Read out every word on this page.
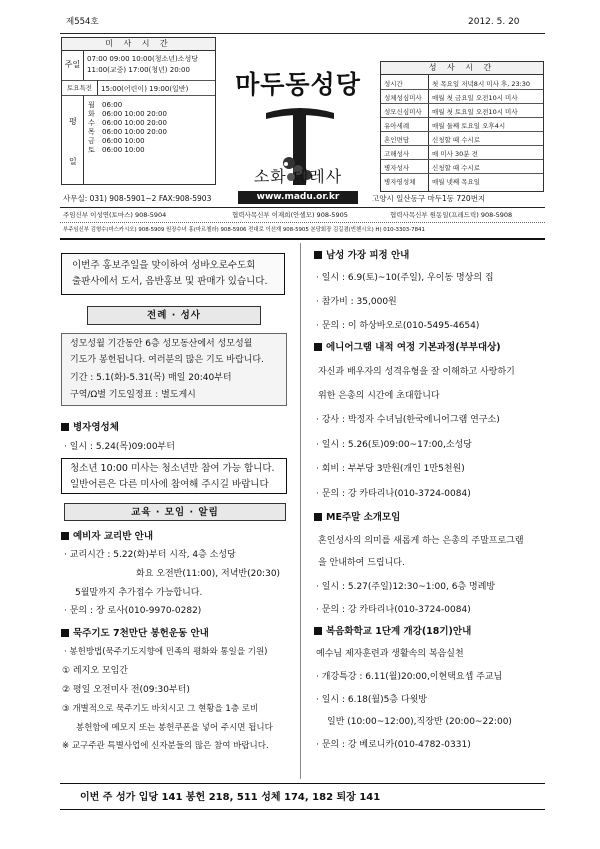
제554호	2012. 5. 20
미 사 시 간
주일
07:00 09:00 10:00(청소년)소성당
11:00(교중) 17:00(청년) 20:00
토요특전	15:00(어린이) 19:00(일반)
평
일
월 06:00
화 06:00 10:00 20:00
수 06:00 10:00 20:00
목 06:00 10:00 20:00
금 06:00 10:00
토 06:00 10:00
마두동성당
소화 데레사
www.madu.or.kr
성 사 시 간
성시간	첫 목요일 저녁8시 미사 후, 23:30
성체성심미사 매월 첫 금요일 오전10시 미사
성모신심미사 매월 첫 토요일 오전10시 미사
유아세례	매월 둘째 토요일 오후4시
혼인면담	신청할 때 수시로
고해성사	매 미사 30분 전
병자성사	신청할 때 수시로
병자영성체	매월 넷째 목요일
사무실: 031) 908-5901~2 FAX:908-5903	고양시 일산동구 마두1동 720번지
주임신부 이성연(토마스) 908-5904	협력사목신부 이재희(안셀모) 908-5905	협력사목신부 원동일(프레드릭) 908-5908
부주임신부 김형수(마스카시오) 908-5909 원장수녀 홍(마르첼라) 908-5906 전대로 이선재 908-5905 본당회장 김길겸(빈첸시오) H) 010-3303-7841
이번주 홍보주일을 맞이하여 성바오로수도회
출판사에서 도서, 음반홍보 및 판매가 있습니다.
전례 · 성사
성모성월 기간동안 6층 성모동산에서 성모성월
기도가 봉헌됩니다. 여러분의 많은 기도 바랍니다.
기간 : 5.1(화)-5.31(목) 매일 20:40부터
구역/Ω별 기도일정표 : 별도게시
병자영성체
· 일시 : 5.24(목)09:00부터
청소년 10:00 미사는 청소년만 참여 가능 합니다.
일반어른은 다른 미사에 참여해 주시길 바랍니다
교육 · 모임 · 알림
예비자 교리반 안내
· 교리시간 : 5.22(화)부터 시작, 4층 소성당
화요 오전반(11:00), 저녁반(20:30)
5월말까지 추가접수 가능합니다.
· 문의 : 장 로사(010-9970-0282)
묵주기도 7천만단 봉헌운동 안내
· 봉헌방법(묵주기도지향에 민족의 평화와 통일을 기원)
① 레지오 모임간
② 평일 오전미사 전(09:30부터)
③ 개별적으로 묵주기도 바치시고 그 현황을 1층 로비
봉헌함에 메모지 또는 봉헌쿠폰을 넣어 주시면 됩니다
※ 교구주관 특별사업에 신자분들의 많은 참여 바랍니다.
남성 가장 피정 안내
· 일시 : 6.9(토)~10(주일), 우이동 명상의 집
· 참가비 : 35,000원
· 문의 : 이 하상바오로(010-5495-4654)
에니어그램 내적 여정 기본과정(부부대상)
자신과 배우자의 성격유형을 잘 이해하고 사랑하기
위한 은총의 시간에 초대합니다
· 강사 : 박정자 수녀님(한국에니어그램 연구소)
· 일시 : 5.26(토)09:00~17:00,소성당
· 회비 : 부부당 3만원(개인 1만5천원)
· 문의 : 강 카타리나(010-3724-0084)
ME주말 소개모임
혼인성사의 의미를 새롭게 하는 은총의 주말프로그램
을 안내하여 드립니다.
· 일시 : 5.27(주일)12:30~1:00, 6층 명례방
· 문의 : 강 카타리나(010-3724-0084)
복음화학교 1단계 개강(18기)안내
예수님 제자훈련과 생활속의 복음실천
· 개강특강 : 6.11(월)20:00,이현택요셉 주교님
· 일시 : 6.18(월)5층 다윗방
일반 (10:00~12:00),직장반 (20:00~22:00)
· 문의 : 강 베로니카(010-4782-0331)
이번 주 성가 입당 141 봉헌 218, 511 성체 174, 182 퇴장 141
